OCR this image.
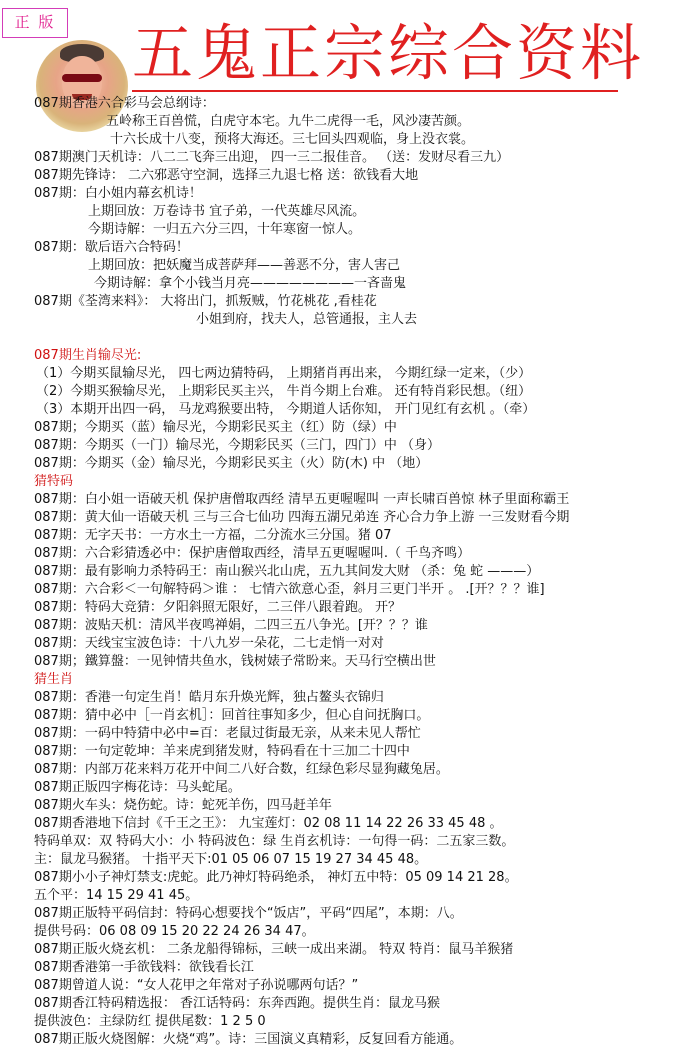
正 版 五鬼正宗综合资料
087期香港六合彩马会总纲诗：
五岭称王百兽慌，白虎守本宅。九牛二虎得一毛，风沙凄苦颜。
十六长成十八变，预将大海还。三七回头四观临，身上没衣裳。
087期澳门天机诗：八二二飞奔三出迎， 四一三二报佳音。 （送：发财尽看三九）
087期先锋诗： 二六邪恶守空洞，选择三九退七格 送：欲钱看大地
087期：白小姐内幕玄机诗！
上期回放：万卷诗书 宜子弟，一代英雄尽风流。
今期诗解：一归五六分三四，十年寒窗一惊人。
087期：歇后语六合特码！
上期回放：把妖魔当成菩萨拜——善恶不分，害人害己
今期诗解：拿个小钱当月亮————————一吝啬鬼
087期《荃湾来料》： 大将出门，抓叛贼，竹花桃花 ,看桂花
小姐到府，找夫人，总管通报，主人去
087期生肖输尽光:
（1）今期买鼠输尽光， 四七两边猜特码， 上期猪肖再出来， 今期红绿一定来，（少）
（2）今期买猴输尽光， 上期彩民买主兴， 牛肖今期上台难。 还有特肖彩民想。（纽）
（3）本期开出四一码， 马龙鸡猴要出特， 今期道人话你知， 开门见红有玄机 。（牵）
087期；今期买（蓝）输尽光，今期彩民买主（红）防（绿）中
087期：今期买（一门）输尽光，今期彩民买（三门，四门）中 （身）
087期：今期买（金）输尽光，今期彩民买主（火）防(木) 中 （地）
猜特码
087期：白小姐一语破天机 保护唐僧取西经 清早五更喔喔叫 一声长啸百兽惊 林子里面称霸王
087期：黄大仙一语破天机 三与三合七仙功 四海五湖兄弟连 齐心合力争上游 一三发财看今期
087期：无字天书：一方水土一方福，二分流水三分国。猪 07
087期：六合彩猜透必中：保护唐僧取西经，清早五更喔喔叫.（ 千鸟齐鸣）
087期：最有影响力杀特码王：南山猴兴北山虎，五九其间发大财 （杀：兔 蛇 ———）
087期：六合彩＜一句解特码＞谁 ： 七情六欲意心歪，斜月三更门半开 。 .[开？？？谁]
087期：特码大竞猜：夕阳斜照无限好，二三伴八跟着跑。 开？
087期：波贴天机：清风半夜鸣禅娟，二四三五八争光。[开？？？谁
087期：天线宝宝波色诗：十八九岁一朵花，二七走悄一对对
087期；鐵算盤：一见钟情共鱼水，钱树婊子常盼来。天马行空横出世
猜生肖
087期：香港一句定生肖！皓月东升焕光辉，独占鳌头衣锦归
087期：猜中必中［一肖玄机］：回首往事知多少，但心自问抚胸口。
087期：一码中特猜中必中=百：老鼠过街最无亲，从来未见人帮忙
087期：一句定乾坤：羊来虎到猪发财，特码看在十三加二十四中
087期：内部万花来料万花开中间二八好合数，红绿色彩尽显狗藏兔居。
087期正版四字梅花诗：马头蛇尾。
087期火车头：烧伤蛇。诗：蛇死羊伤，四马赶羊年
087期香港地下信封《千王之王》： 九宝莲灯：02 08 11 14 22 26 33 45 48 。
特码单双：双 特码大小：小 特码波色：绿 生肖玄机诗：一句得一码：二五家三数。
主：鼠龙马猴猪。 十指平天下:01 05 06 07 15 19 27 34 45 48。
087期小小子神灯禁支:虎蛇。此乃神灯特码绝杀， 神灯五中特：05 09 14 21 28。
五个平：14 15 29 41 45。
087期正版特平码信封：特码心想要找个“饭店”，平码“四尾”，本期：八。
提供号码：06 08 09 15 20 22 24 26 34 47。
087期正版火烧玄机： 二条龙船得锦标，三峡一成出来湖。 特双 特肖：鼠马羊猴猪
087期香港第一手欲钱料：欲钱看长江
087期曾道人说：“女人花甲之年常对子孙说哪两句话？”
087期香江特码精选报： 香江话特码：东奔西跑。提供生肖：鼠龙马猴
提供波色：主绿防红 提供尾数：1 2 5 0
087期正版火烧图解：火烧“鸡”。诗：三国演义真精彩，反复回看方能通。
